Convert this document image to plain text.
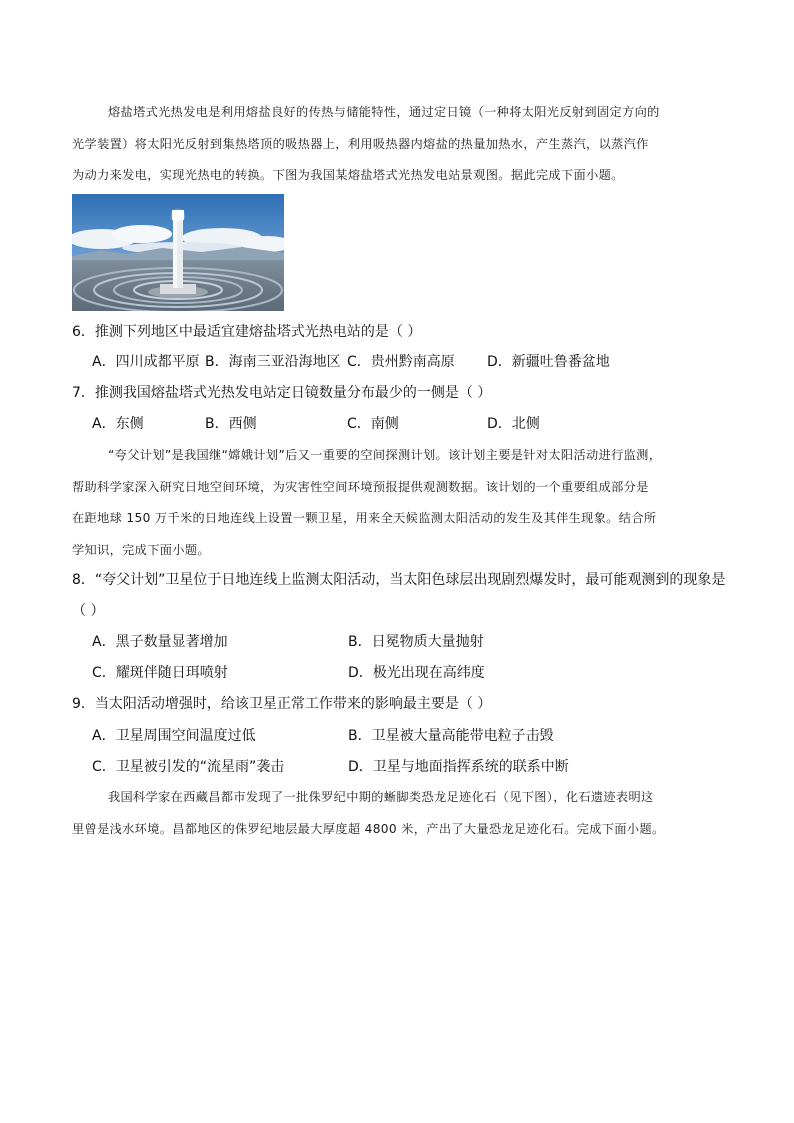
熔盐塔式光热发电是利用熔盐良好的传热与储能特性，通过定日镜（一种将太阳光反射到固定方向的
光学装置）将太阳光反射到集热塔顶的吸热器上，利用吸热器内熔盐的热量加热水，产生蒸汽，以蒸汽作
为动力来发电，实现光热电的转换。下图为我国某熔盐塔式光热发电站景观图。据此完成下面小题。
6．推测下列地区中最适宜建熔盐塔式光热电站的是（ ）
A．四川成都平原 B．海南三亚沿海地区 C．贵州黔南高原 D．新疆吐鲁番盆地
7．推测我国熔盐塔式光热发电站定日镜数量分布最少的一侧是（ ）
A．东侧	B．西侧	C．南侧	D．北侧
“夸父计划”是我国继“嫦娥计划”后又一重要的空间探测计划。该计划主要是针对太阳活动进行监测，
帮助科学家深入研究日地空间环境，为灾害性空间环境预报提供观测数据。该计划的一个重要组成部分是
在距地球 150 万千米的日地连线上设置一颗卫星，用来全天候监测太阳活动的发生及其伴生现象。结合所
学知识，完成下面小题。
8．“夸父计划”卫星位于日地连线上监测太阳活动，当太阳色球层出现剧烈爆发时，最可能观测到的现象是
（ ）
A．黑子数量显著增加	B．日冕物质大量抛射
C．耀斑伴随日珥喷射	D．极光出现在高纬度
9．当太阳活动增强时，给该卫星正常工作带来的影响最主要是（ ）
A．卫星周围空间温度过低	B．卫星被大量高能带电粒子击毁
C．卫星被引发的“流星雨”袭击	D．卫星与地面指挥系统的联系中断
我国科学家在西藏昌都市发现了一批侏罗纪中期的蜥脚类恐龙足迹化石（见下图），化石遗迹表明这
里曾是浅水环境。昌都地区的侏罗纪地层最大厚度超 4800 米，产出了大量恐龙足迹化石。完成下面小题。
